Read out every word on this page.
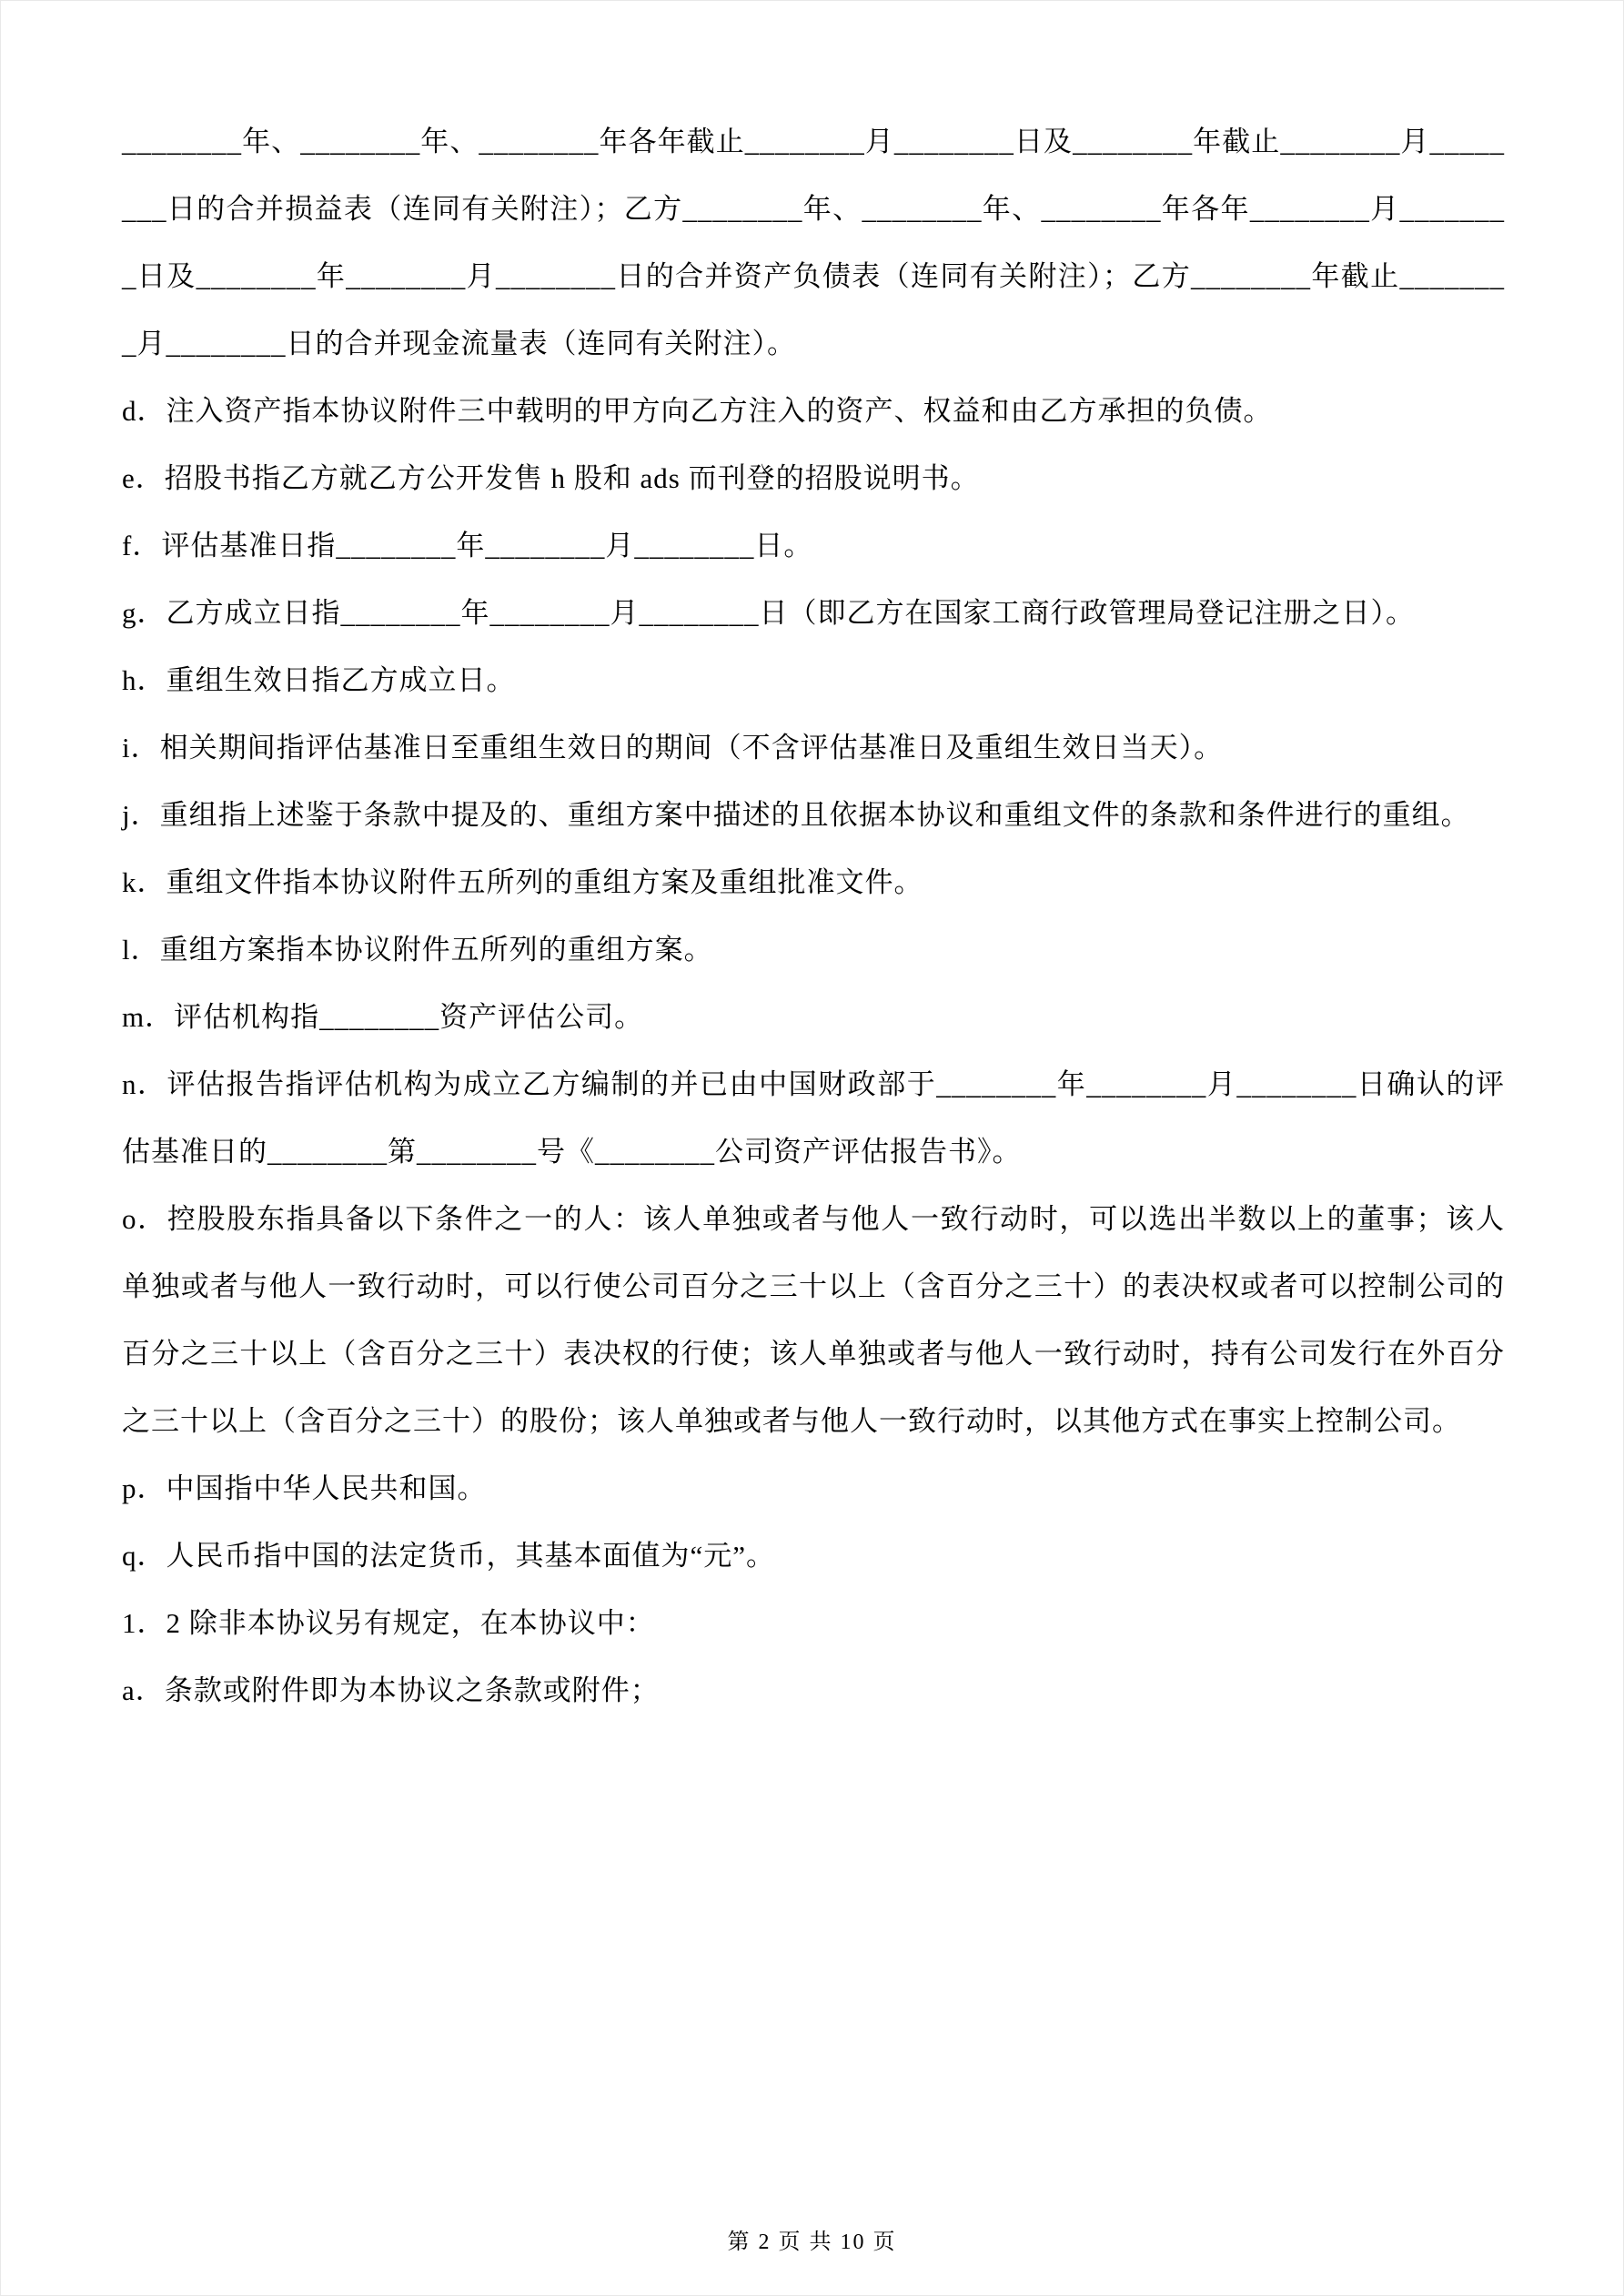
________年、________年、________年各年截止________月________日及________年截止________月________日的合并损益表（连同有关附注）；乙方________年、________年、________年各年________月________日及________年________月________日的合并资产负债表（连同有关附注）；乙方________年截止________月________日的合并现金流量表（连同有关附注）。

d．注入资产指本协议附件三中载明的甲方向乙方注入的资产、权益和由乙方承担的负债。

e．招股书指乙方就乙方公开发售 h 股和 ads 而刊登的招股说明书。

f．评估基准日指________年________月________日。

g．乙方成立日指________年________月________日（即乙方在国家工商行政管理局登记注册之日）。

h．重组生效日指乙方成立日。

i．相关期间指评估基准日至重组生效日的期间（不含评估基准日及重组生效日当天）。

j．重组指上述鉴于条款中提及的、重组方案中描述的且依据本协议和重组文件的条款和条件进行的重组。

k．重组文件指本协议附件五所列的重组方案及重组批准文件。

l．重组方案指本协议附件五所列的重组方案。

m．评估机构指________资产评估公司。

n．评估报告指评估机构为成立乙方编制的并已由中国财政部于________年________月________日确认的评估基准日的________第________号《________公司资产评估报告书》。

o．控股股东指具备以下条件之一的人：该人单独或者与他人一致行动时，可以选出半数以上的董事；该人单独或者与他人一致行动时，可以行使公司百分之三十以上（含百分之三十）的表决权或者可以控制公司的百分之三十以上（含百分之三十）表决权的行使；该人单独或者与他人一致行动时，持有公司发行在外百分之三十以上（含百分之三十）的股份；该人单独或者与他人一致行动时，以其他方式在事实上控制公司。

p．中国指中华人民共和国。

q．人民币指中国的法定货币，其基本面值为“元”。

1．2 除非本协议另有规定，在本协议中：

a．条款或附件即为本协议之条款或附件；

第 2 页 共 10 页
